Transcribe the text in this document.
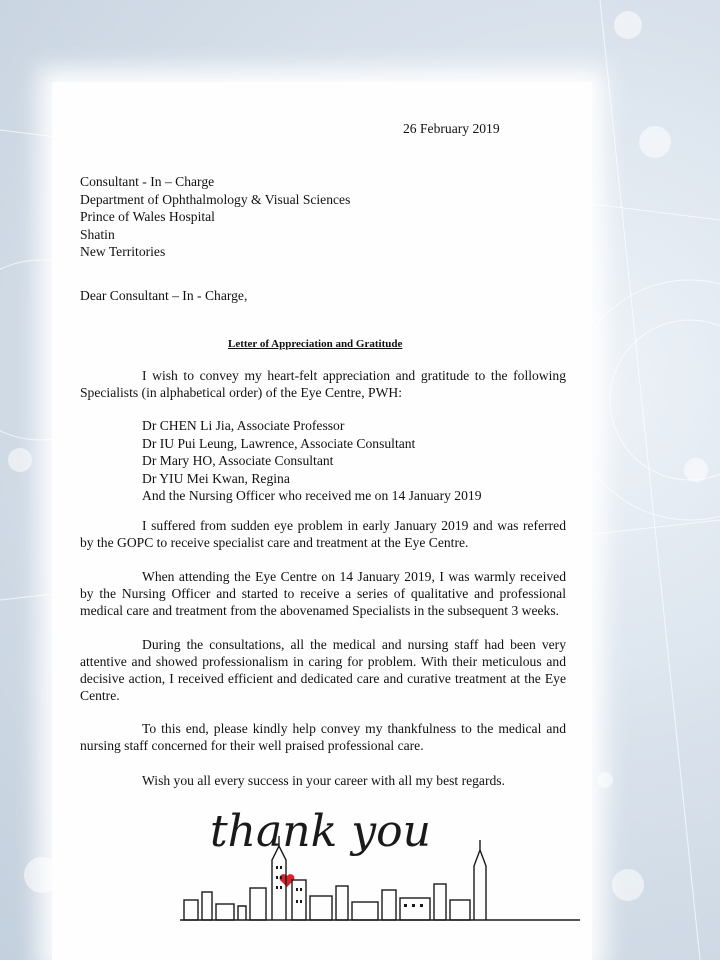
26 February 2019
Consultant - In – Charge
Department of Ophthalmology & Visual Sciences
Prince of Wales Hospital
Shatin
New Territories
Dear Consultant – In - Charge,
Letter of Appreciation and Gratitude
I wish to convey my heart-felt appreciation and gratitude to the following Specialists (in alphabetical order) of the Eye Centre, PWH:
Dr CHEN Li Jia, Associate Professor
Dr IU Pui Leung, Lawrence, Associate Consultant
Dr Mary HO, Associate Consultant
Dr YIU Mei Kwan, Regina
And the Nursing Officer who received me on 14 January 2019
I suffered from sudden eye problem in early January 2019 and was referred by the GOPC to receive specialist care and treatment at the Eye Centre.
When attending the Eye Centre on 14 January 2019, I was warmly received by the Nursing Officer and started to receive a series of qualitative and professional medical care and treatment from the abovenamed Specialists in the subsequent 3 weeks.
During the consultations, all the medical and nursing staff had been very attentive and showed professionalism in caring for problem. With their meticulous and decisive action, I received efficient and dedicated care and curative treatment at the Eye Centre.
To this end, please kindly help convey my thankfulness to the medical and nursing staff concerned for their well praised professional care.
Wish you all every success in your career with all my best regards.
thank you
